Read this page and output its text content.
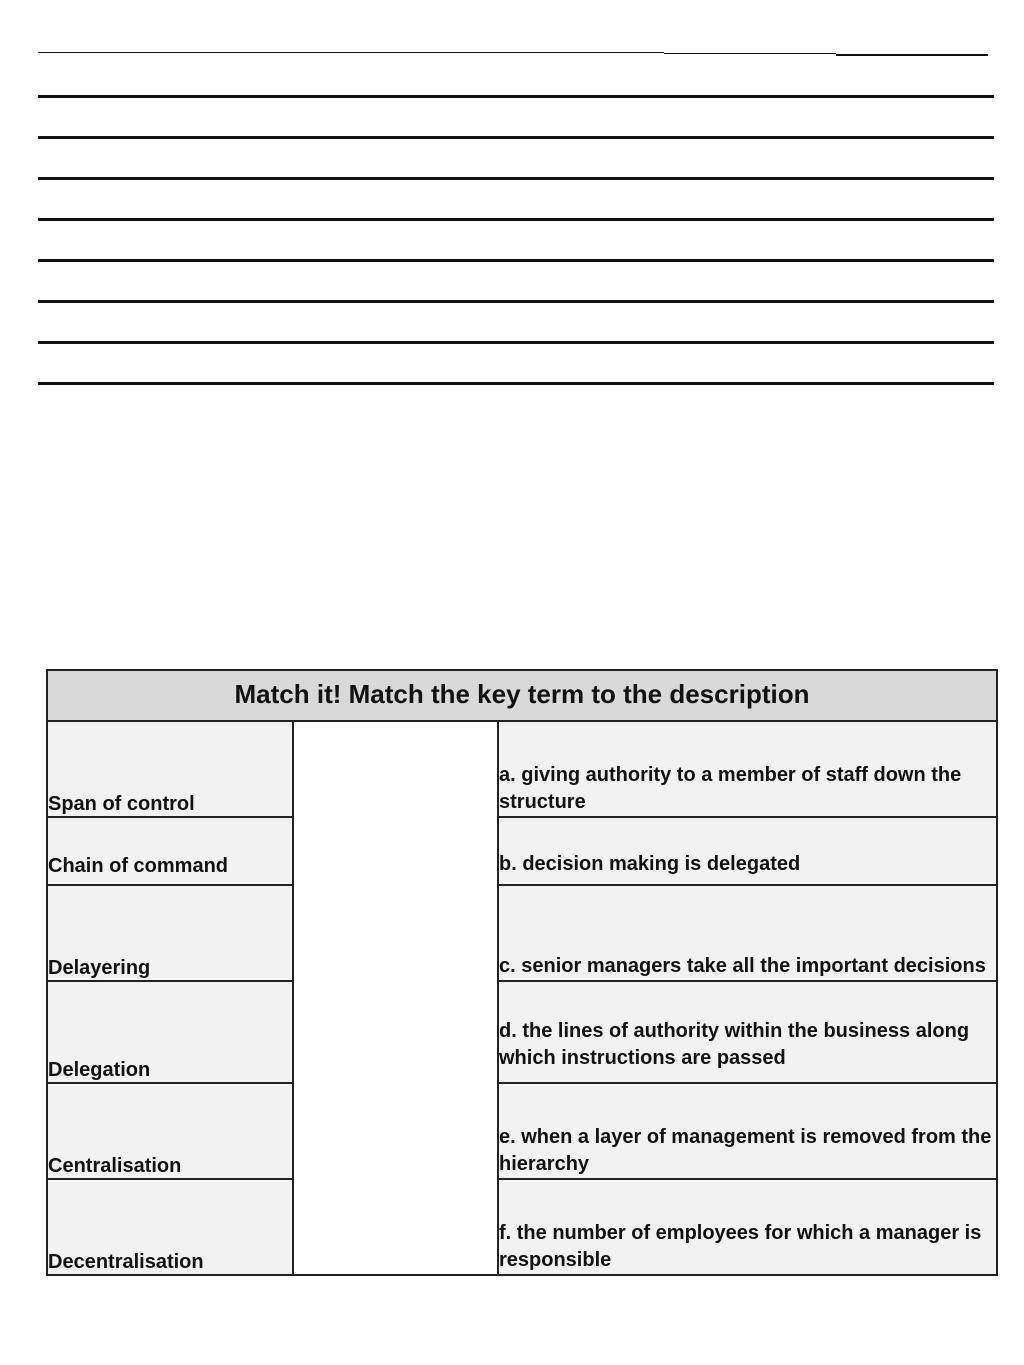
Match it! Match the key term to the description		
Span of control		a. giving authority to a member of staff down the structure
Chain of command		b. decision making is delegated
Delayering		c. senior managers take all the important decisions
Delegation		d. the lines of authority within the business along which instructions are passed
Centralisation		e. when a layer of management is removed from the hierarchy
Decentralisation		f. the number of employees for which a manager is responsible
